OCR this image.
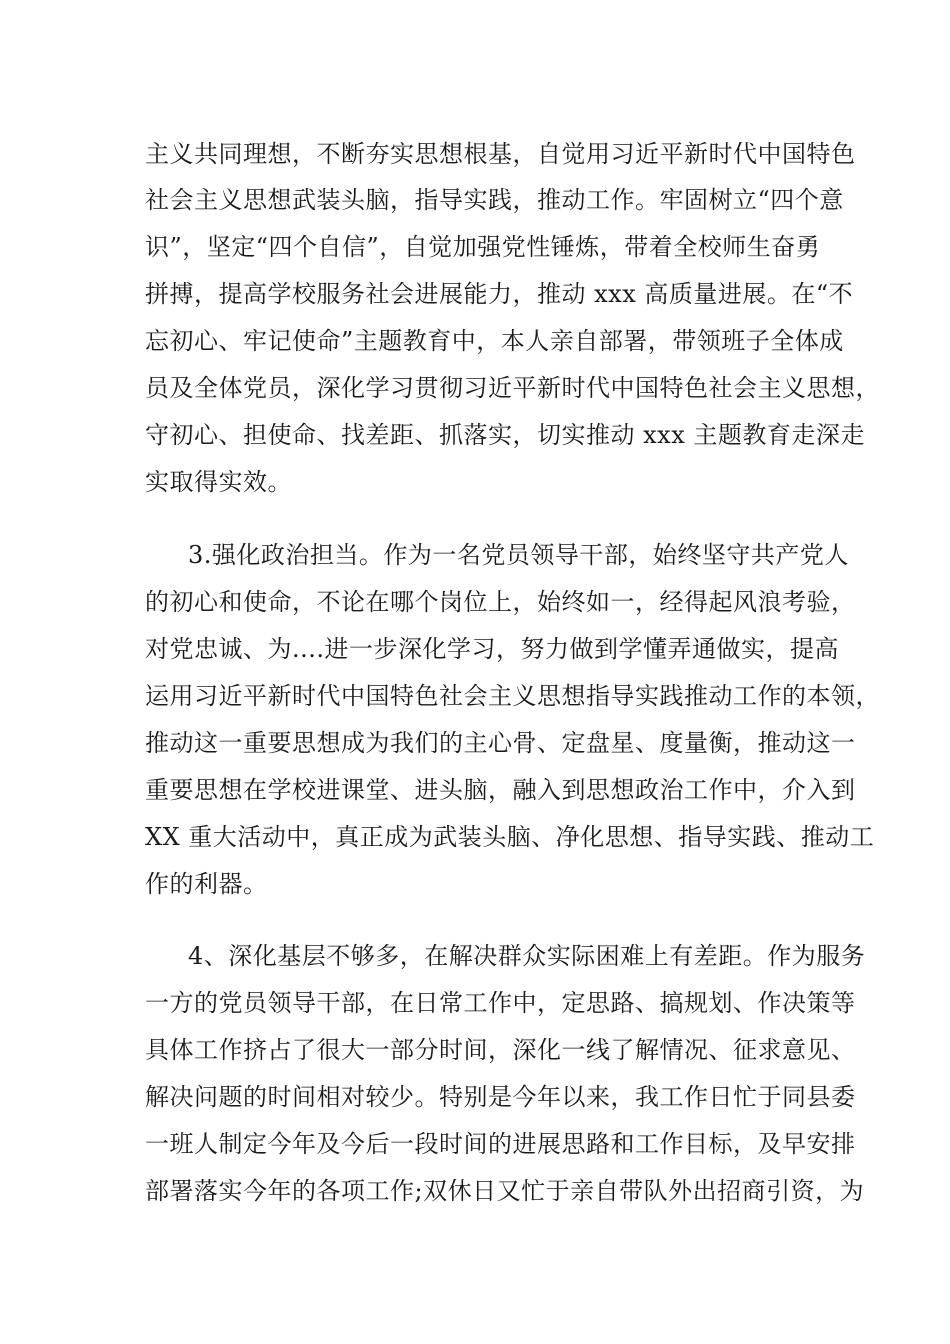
主义共同理想，不断夯实思想根基，自觉用习近平新时代中国特色

社会主义思想武装头脑，指导实践，推动工作。牢固树立“四个意

识”，坚定“四个自信”，自觉加强党性锤炼，带着全校师生奋勇

拼搏，提高学校服务社会进展能力，推动 xxx 高质量进展。在“不

忘初心、牢记使命”主题教育中，本人亲自部署，带领班子全体成

员及全体党员，深化学习贯彻习近平新时代中国特色社会主义思想，

守初心、担使命、找差距、抓落实，切实推动 xxx 主题教育走深走

实取得实效。

3.强化政治担当。作为一名党员领导干部，始终坚守共产党人

的初心和使命，不论在哪个岗位上，始终如一，经得起风浪考验，

对党忠诚、为....进一步深化学习，努力做到学懂弄通做实，提高

运用习近平新时代中国特色社会主义思想指导实践推动工作的本领，

推动这一重要思想成为我们的主心骨、定盘星、度量衡，推动这一

重要思想在学校进课堂、进头脑，融入到思想政治工作中，介入到

XX 重大活动中，真正成为武装头脑、净化思想、指导实践、推动工

作的利器。

4、深化基层不够多，在解决群众实际困难上有差距。作为服务

一方的党员领导干部，在日常工作中，定思路、搞规划、作决策等

具体工作挤占了很大一部分时间，深化一线了解情况、征求意见、

解决问题的时间相对较少。特别是今年以来，我工作日忙于同县委

一班人制定今年及今后一段时间的进展思路和工作目标，及早安排

部署落实今年的各项工作;双休日又忙于亲自带队外出招商引资，为
